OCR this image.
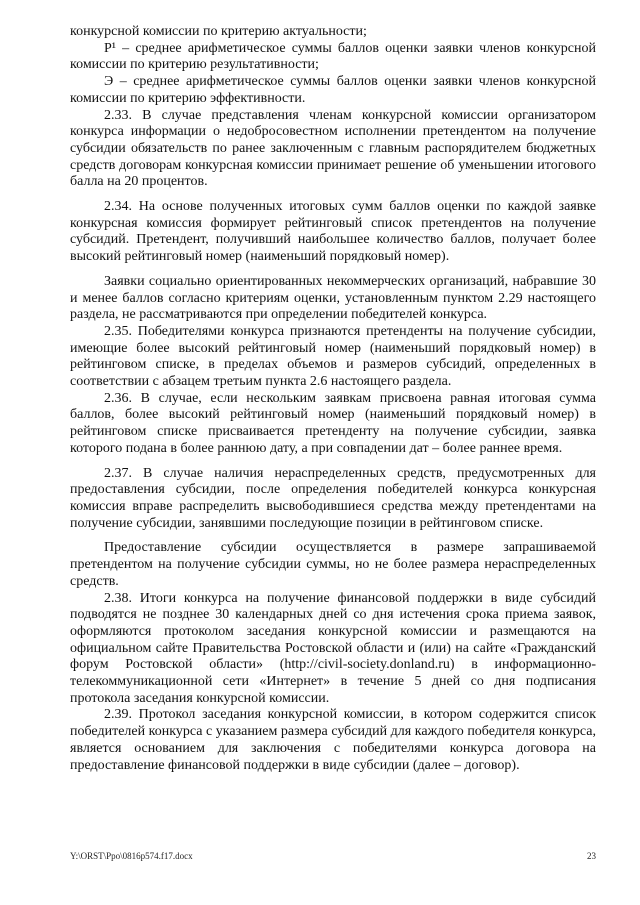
конкурсной комиссии по критерию актуальности;

Р¹ – среднее арифметическое суммы баллов оценки заявки членов конкурсной комиссии по критерию результативности;

Э – среднее арифметическое суммы баллов оценки заявки членов конкурсной комиссии по критерию эффективности.

2.33. В случае представления членам конкурсной комиссии организатором конкурса информации о недобросовестном исполнении претендентом на получение субсидии обязательств по ранее заключенным с главным распорядителем бюджетных средств договорам конкурсная комиссии принимает решение об уменьшении итогового балла на 20 процентов.

2.34. На основе полученных итоговых сумм баллов оценки по каждой заявке конкурсная комиссия формирует рейтинговый список претендентов на получение субсидий. Претендент, получивший наибольшее количество баллов, получает более высокий рейтинговый номер (наименьший порядковый номер).

Заявки социально ориентированных некоммерческих организаций, набравшие 30 и менее баллов согласно критериям оценки, установленным пунктом 2.29 настоящего раздела, не рассматриваются при определении победителей конкурса.

2.35. Победителями конкурса признаются претенденты на получение субсидии, имеющие более высокий рейтинговый номер (наименьший порядковый номер) в рейтинговом списке, в пределах объемов и размеров субсидий, определенных в соответствии с абзацем третьим пункта 2.6 настоящего раздела.

2.36. В случае, если нескольким заявкам присвоена равная итоговая сумма баллов, более высокий рейтинговый номер (наименьший порядковый номер) в рейтинговом списке присваивается претенденту на получение субсидии, заявка которого подана в более раннюю дату, а при совпадении дат – более раннее время.

2.37. В случае наличия нераспределенных средств, предусмотренных для предоставления субсидии, после определения победителей конкурса конкурсная комиссия вправе распределить высвободившиеся средства между претендентами на получение субсидии, занявшими последующие позиции в рейтинговом списке.

Предоставление субсидии осуществляется в размере запрашиваемой претендентом на получение субсидии суммы, но не более размера нераспределенных средств.

2.38. Итоги конкурса на получение финансовой поддержки в виде субсидий подводятся не позднее 30 календарных дней со дня истечения срока приема заявок, оформляются протоколом заседания конкурсной комиссии и размещаются на официальном сайте Правительства Ростовской области и (или) на сайте «Гражданский форум Ростовской области» (http://civil-society.donland.ru) в информационно-телекоммуникационной сети «Интернет» в течение 5 дней со дня подписания протокола заседания конкурсной комиссии.

2.39. Протокол заседания конкурсной комиссии, в котором содержится список победителей конкурса с указанием размера субсидий для каждого победителя конкурса, является основанием для заключения с победителями конкурса договора на предоставление финансовой поддержки в виде субсидии (далее – договор).

Y:\ORST\Ppo\0816p574.f17.docx	23
